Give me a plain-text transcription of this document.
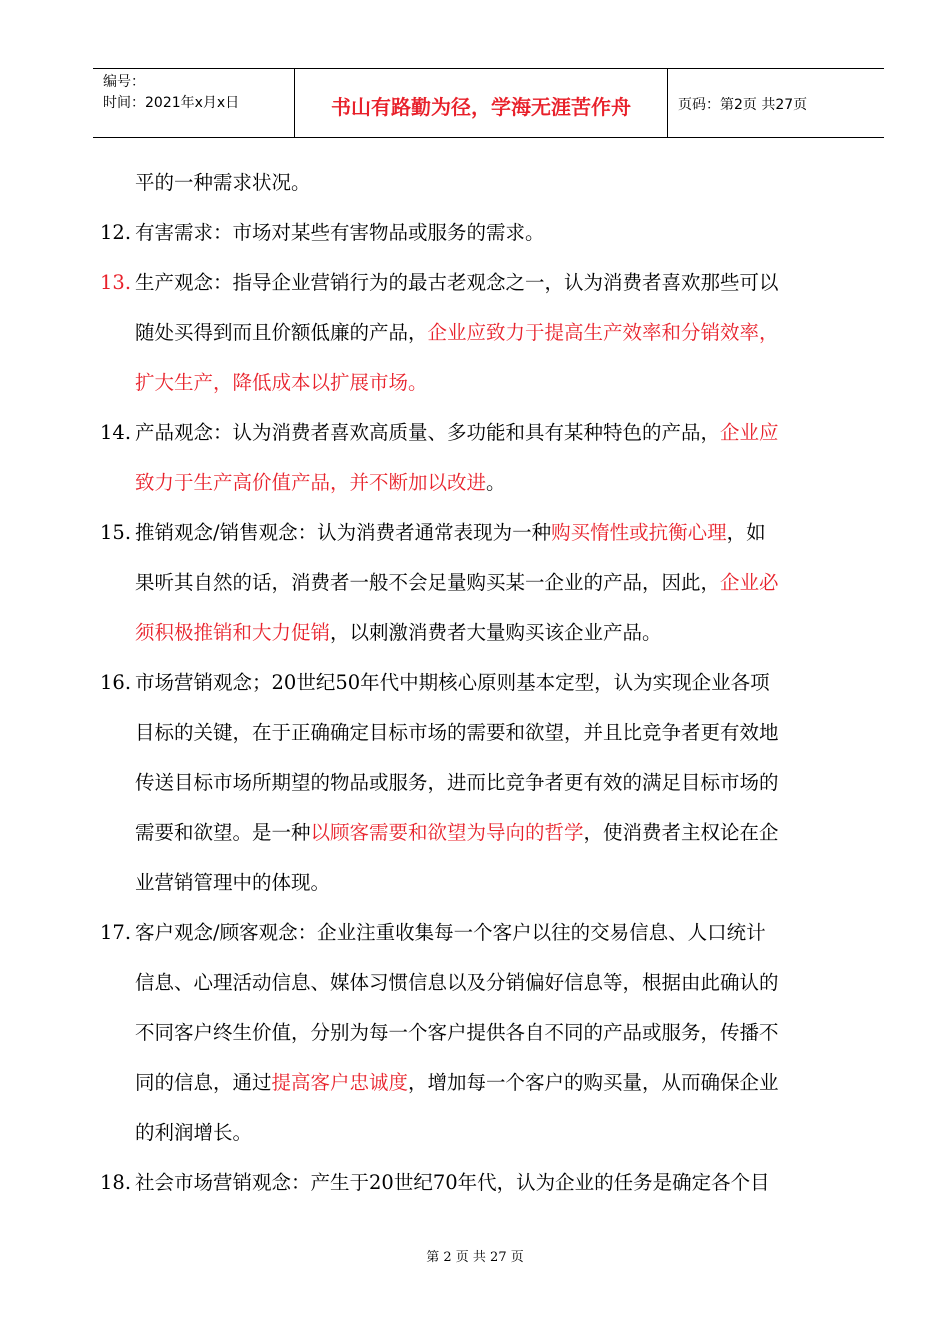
编号：
时间：2021年x月x日	书山有路勤为径，学海无涯苦作舟	页码：第2页 共27页
平的一种需求状况。
12. 有害需求：市场对某些有害物品或服务的需求。
13. 生产观念：指导企业营销行为的最古老观念之一，认为消费者喜欢那些可以
随处买得到而且价额低廉的产品，企业应致力于提高生产效率和分销效率，
扩大生产，降低成本以扩展市场。
14. 产品观念：认为消费者喜欢高质量、多功能和具有某种特色的产品，企业应
致力于生产高价值产品，并不断加以改进。
15. 推销观念/销售观念：认为消费者通常表现为一种购买惰性或抗衡心理，如
果听其自然的话，消费者一般不会足量购买某一企业的产品，因此，企业必
须积极推销和大力促销，以刺激消费者大量购买该企业产品。
16. 市场营销观念；20世纪50年代中期核心原则基本定型，认为实现企业各项
目标的关键，在于正确确定目标市场的需要和欲望，并且比竞争者更有效地
传送目标市场所期望的物品或服务，进而比竞争者更有效的满足目标市场的
需要和欲望。是一种以顾客需要和欲望为导向的哲学，使消费者主权论在企
业营销管理中的体现。
17. 客户观念/顾客观念：企业注重收集每一个客户以往的交易信息、人口统计
信息、心理活动信息、媒体习惯信息以及分销偏好信息等，根据由此确认的
不同客户终生价值，分别为每一个客户提供各自不同的产品或服务，传播不
同的信息，通过提高客户忠诚度，增加每一个客户的购买量，从而确保企业
的利润增长。
18. 社会市场营销观念：产生于20世纪70年代，认为企业的任务是确定各个目
第 2 页 共 27 页
